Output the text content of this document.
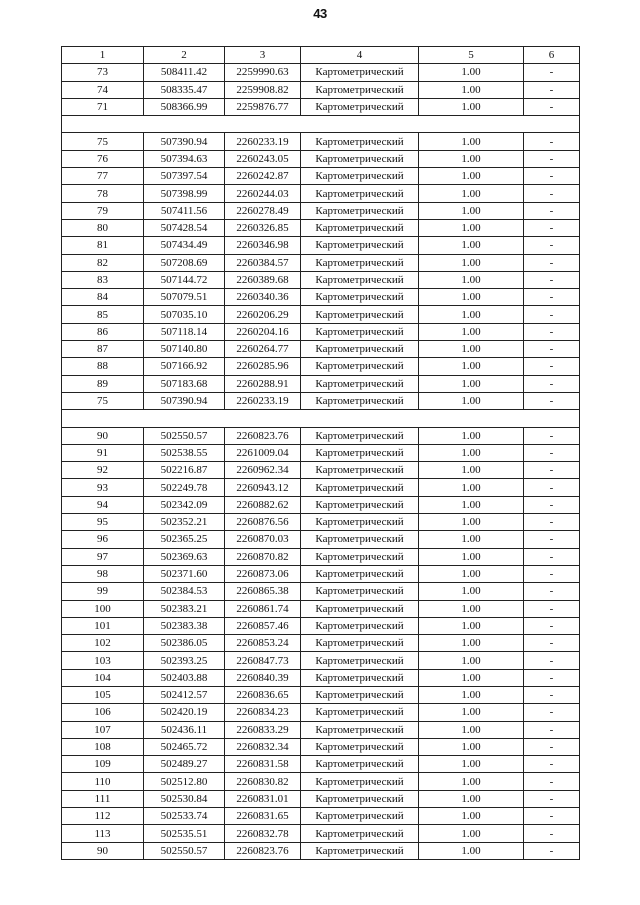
43
1	2	3	4	5	6
73	508411.42	2259990.63	Картометрический	1.00	-
74	508335.47	2259908.82	Картометрический	1.00	-
71	508366.99	2259876.77	Картометрический	1.00	-

75	507390.94	2260233.19	Картометрический	1.00	-
76	507394.63	2260243.05	Картометрический	1.00	-
77	507397.54	2260242.87	Картометрический	1.00	-
78	507398.99	2260244.03	Картометрический	1.00	-
79	507411.56	2260278.49	Картометрический	1.00	-
80	507428.54	2260326.85	Картометрический	1.00	-
81	507434.49	2260346.98	Картометрический	1.00	-
82	507208.69	2260384.57	Картометрический	1.00	-
83	507144.72	2260389.68	Картометрический	1.00	-
84	507079.51	2260340.36	Картометрический	1.00	-
85	507035.10	2260206.29	Картометрический	1.00	-
86	507118.14	2260204.16	Картометрический	1.00	-
87	507140.80	2260264.77	Картометрический	1.00	-
88	507166.92	2260285.96	Картометрический	1.00	-
89	507183.68	2260288.91	Картометрический	1.00	-
75	507390.94	2260233.19	Картометрический	1.00	-

90	502550.57	2260823.76	Картометрический	1.00	-
91	502538.55	2261009.04	Картометрический	1.00	-
92	502216.87	2260962.34	Картометрический	1.00	-
93	502249.78	2260943.12	Картометрический	1.00	-
94	502342.09	2260882.62	Картометрический	1.00	-
95	502352.21	2260876.56	Картометрический	1.00	-
96	502365.25	2260870.03	Картометрический	1.00	-
97	502369.63	2260870.82	Картометрический	1.00	-
98	502371.60	2260873.06	Картометрический	1.00	-
99	502384.53	2260865.38	Картометрический	1.00	-
100	502383.21	2260861.74	Картометрический	1.00	-
101	502383.38	2260857.46	Картометрический	1.00	-
102	502386.05	2260853.24	Картометрический	1.00	-
103	502393.25	2260847.73	Картометрический	1.00	-
104	502403.88	2260840.39	Картометрический	1.00	-
105	502412.57	2260836.65	Картометрический	1.00	-
106	502420.19	2260834.23	Картометрический	1.00	-
107	502436.11	2260833.29	Картометрический	1.00	-
108	502465.72	2260832.34	Картометрический	1.00	-
109	502489.27	2260831.58	Картометрический	1.00	-
110	502512.80	2260830.82	Картометрический	1.00	-
111	502530.84	2260831.01	Картометрический	1.00	-
112	502533.74	2260831.65	Картометрический	1.00	-
113	502535.51	2260832.78	Картометрический	1.00	-
90	502550.57	2260823.76	Картометрический	1.00	-
